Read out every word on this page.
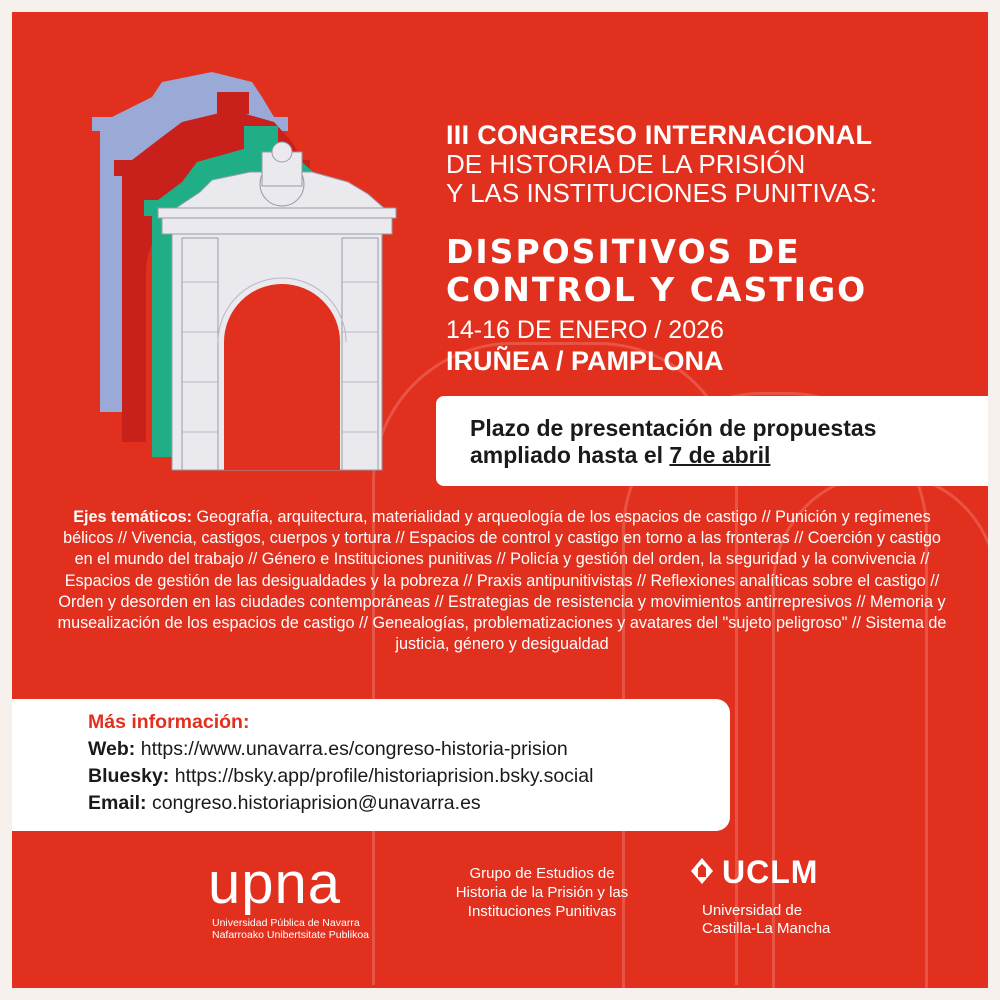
III CONGRESO INTERNACIONAL
DE HISTORIA DE LA PRISIÓN
Y LAS INSTITUCIONES PUNITIVAS:
DISPOSITIVOS DE
CONTROL Y CASTIGO
14-16 DE ENERO / 2026
IRUÑEA / PAMPLONA
Plazo de presentación de propuestas
ampliado hasta el 7 de abril
Ejes temáticos: Geografía, arquitectura, materialidad y arqueología de los espacios de castigo // Punición y regímenes bélicos // Vivencia, castigos, cuerpos y tortura // Espacios de control y castigo en torno a las fronteras // Coerción y castigo en el mundo del trabajo // Género e Instituciones punitivas // Policía y gestión del orden, la seguridad y la convivencia // Espacios de gestión de las desigualdades y la pobreza // Praxis antipunitivistas // Reflexiones analíticas sobre el castigo // Orden y desorden en las ciudades contemporáneas // Estrategias de resistencia y movimientos antirrepresivos // Memoria y musealización de los espacios de castigo // Genealogías, problematizaciones y avatares del "sujeto peligroso" // Sistema de justicia, género y desigualdad
Más información:
Web: https://www.unavarra.es/congreso-historia-prision
Bluesky: https://bsky.app/profile/historiaprision.bsky.social
Email: congreso.historiaprision@unavarra.es
upna
Universidad Pública de Navarra
Nafarroako Unibertsitate Publikoa
Grupo de Estudios de
Historia de la Prisión y las
Instituciones Punitivas
UCLM
Universidad de
Castilla-La Mancha
